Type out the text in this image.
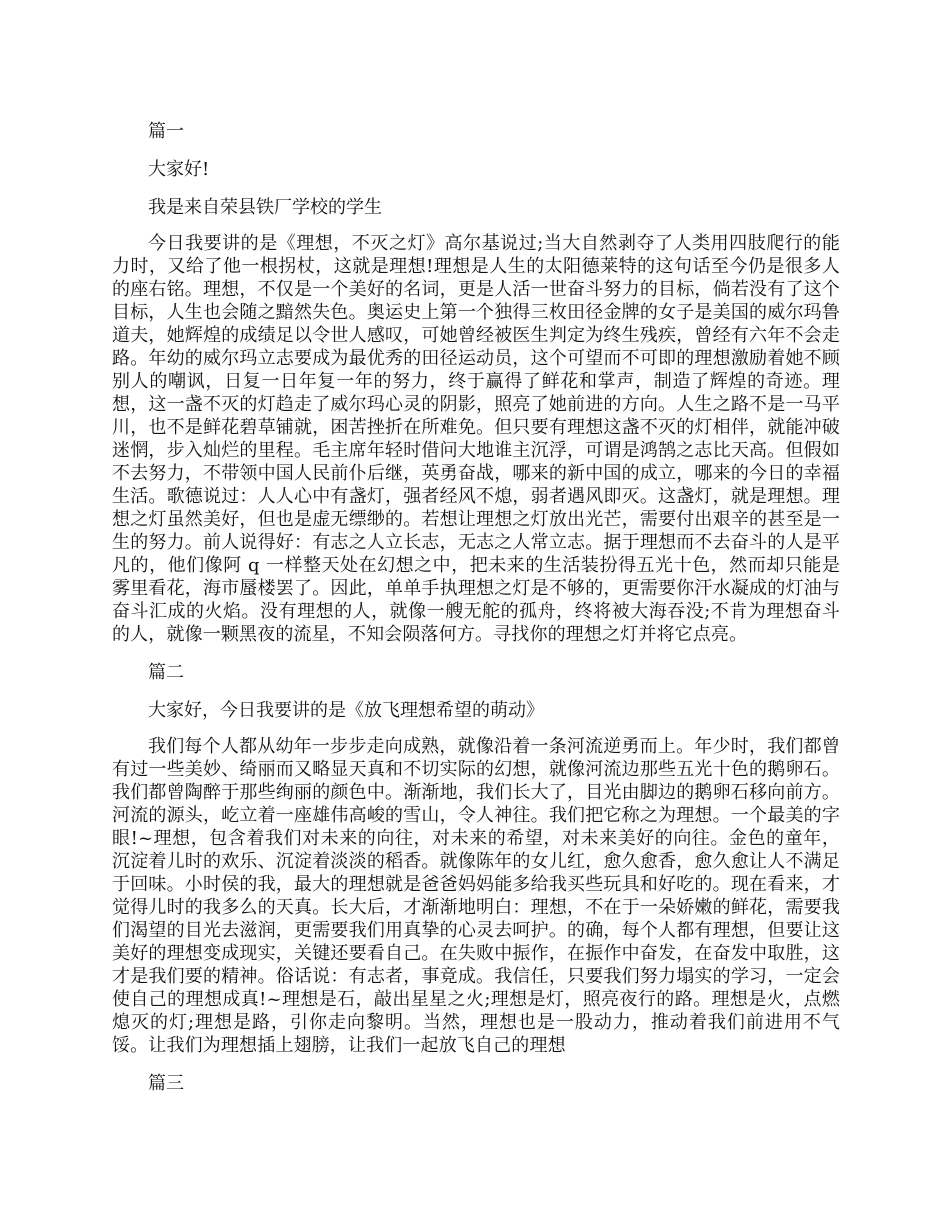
篇一
大家好!
我是来自荣县铁厂学校的学生

今日我要讲的是《理想，不灭之灯》高尔基说过;当大自然剥夺了人类用四肢爬行的能力时，又给了他一根拐杖，这就是理想!理想是人生的太阳德莱特的这句话至今仍是很多人的座右铭。理想，不仅是一个美好的名词，更是人活一世奋斗努力的目标，倘若没有了这个目标，人生也会随之黯然失色。奥运史上第一个独得三枚田径金牌的女子是美国的威尔玛鲁道夫，她辉煌的成绩足以令世人感叹，可她曾经被医生判定为终生残疾，曾经有六年不会走路。年幼的威尔玛立志要成为最优秀的田径运动员，这个可望而不可即的理想激励着她不顾别人的嘲讽，日复一日年复一年的努力，终于赢得了鲜花和掌声，制造了辉煌的奇迹。理想，这一盏不灭的灯趋走了威尔玛心灵的阴影，照亮了她前进的方向。人生之路不是一马平川，也不是鲜花碧草铺就，困苦挫折在所难免。但只要有理想这盏不灭的灯相伴，就能冲破迷惘，步入灿烂的里程。毛主席年轻时借问大地谁主沉浮，可谓是鸿鹄之志比天高。但假如不去努力，不带领中国人民前仆后继，英勇奋战，哪来的新中国的成立，哪来的今日的幸福生活。歌德说过：人人心中有盏灯，强者经风不熄，弱者遇风即灭。这盏灯，就是理想。理想之灯虽然美好，但也是虚无缥缈的。若想让理想之灯放出光芒，需要付出艰辛的甚至是一生的努力。前人说得好：有志之人立长志，无志之人常立志。据于理想而不去奋斗的人是平凡的，他们像阿 q 一样整天处在幻想之中，把未来的生活装扮得五光十色，然而却只能是雾里看花，海市蜃楼罢了。因此，单单手执理想之灯是不够的，更需要你汗水凝成的灯油与奋斗汇成的火焰。没有理想的人，就像一艘无舵的孤舟，终将被大海吞没;不肯为理想奋斗的人，就像一颗黑夜的流星，不知会陨落何方。寻找你的理想之灯并将它点亮。

篇二
大家好，今日我要讲的是《放飞理想希望的萌动》

我们每个人都从幼年一步步走向成熟，就像沿着一条河流逆勇而上。年少时，我们都曾有过一些美妙、绮丽而又略显天真和不切实际的幻想，就像河流边那些五光十色的鹅卵石。我们都曾陶醉于那些绚丽的颜色中。渐渐地，我们长大了，目光由脚边的鹅卵石移向前方。河流的源头，屹立着一座雄伟高峻的雪山，令人神往。我们把它称之为理想。一个最美的字眼!~理想，包含着我们对未来的向往，对未来的希望，对未来美好的向往。金色的童年，沉淀着儿时的欢乐、沉淀着淡淡的稻香。就像陈年的女儿红，愈久愈香，愈久愈让人不满足于回味。小时侯的我，最大的理想就是爸爸妈妈能多给我买些玩具和好吃的。现在看来，才觉得儿时的我多么的天真。长大后，才渐渐地明白：理想，不在于一朵娇嫩的鲜花，需要我们渴望的目光去滋润，更需要我们用真挚的心灵去呵护。的确，每个人都有理想，但要让这美好的理想变成现实，关键还要看自己。在失败中振作，在振作中奋发，在奋发中取胜，这才是我们要的精神。俗话说：有志者，事竟成。我信任，只要我们努力塌实的学习，一定会使自己的理想成真!~理想是石，敲出星星之火;理想是灯，照亮夜行的路。理想是火，点燃熄灭的灯;理想是路，引你走向黎明。当然，理想也是一股动力，推动着我们前进用不气馁。让我们为理想插上翅膀，让我们一起放飞自己的理想

篇三
